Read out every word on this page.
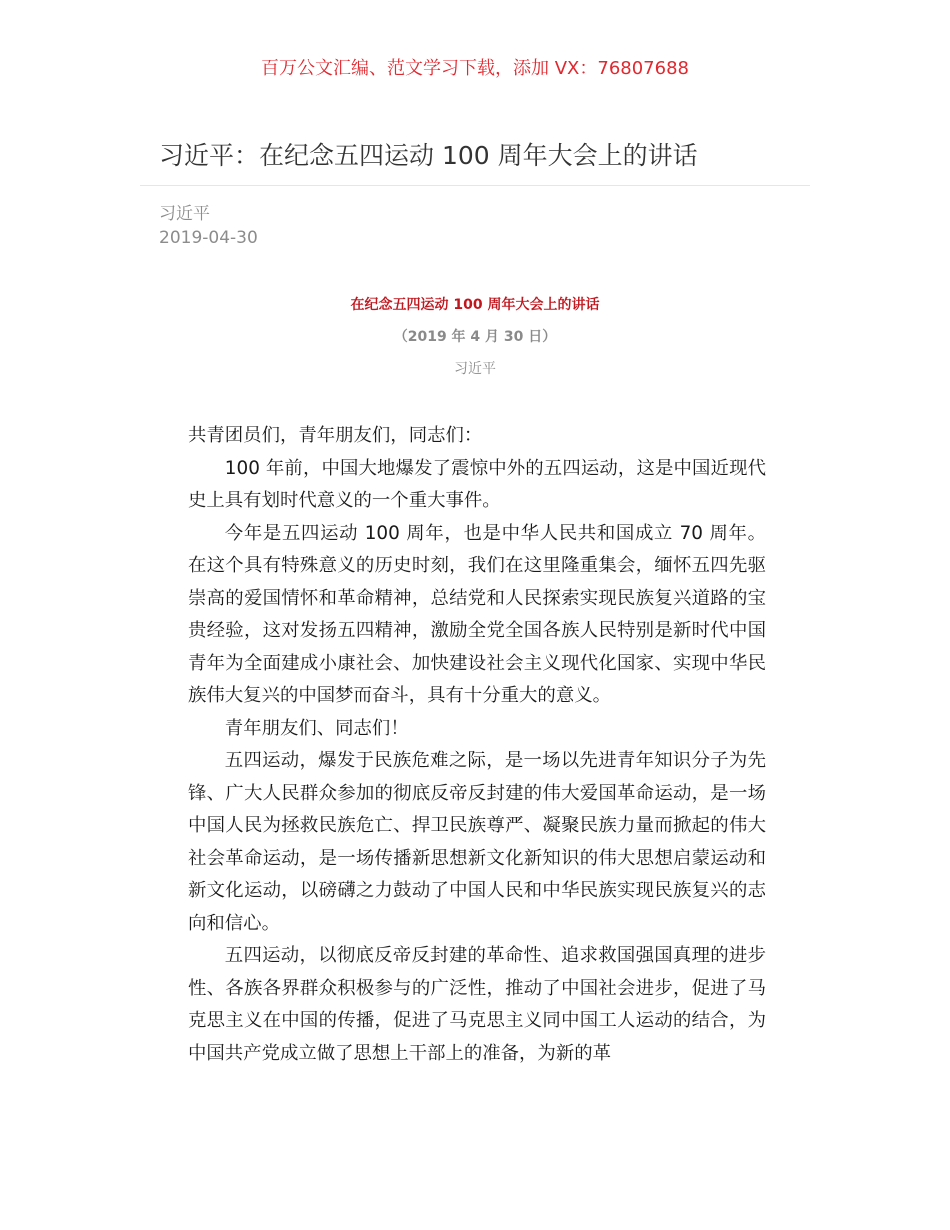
百万公文汇编、范文学习下载，添加 VX：76807688
习近平：在纪念五四运动 100 周年大会上的讲话
习近平
2019-04-30
在纪念五四运动 100 周年大会上的讲话
（2019 年 4 月 30 日）
习近平

共青团员们，青年朋友们，同志们：

100 年前，中国大地爆发了震惊中外的五四运动，这是中国近现代史上具有划时代意义的一个重大事件。

今年是五四运动 100 周年，也是中华人民共和国成立 70 周年。在这个具有特殊意义的历史时刻，我们在这里隆重集会，缅怀五四先驱崇高的爱国情怀和革命精神，总结党和人民探索实现民族复兴道路的宝贵经验，这对发扬五四精神，激励全党全国各族人民特别是新时代中国青年为全面建成小康社会、加快建设社会主义现代化国家、实现中华民族伟大复兴的中国梦而奋斗，具有十分重大的意义。

青年朋友们、同志们！

五四运动，爆发于民族危难之际，是一场以先进青年知识分子为先锋、广大人民群众参加的彻底反帝反封建的伟大爱国革命运动，是一场中国人民为拯救民族危亡、捍卫民族尊严、凝聚民族力量而掀起的伟大社会革命运动，是一场传播新思想新文化新知识的伟大思想启蒙运动和新文化运动，以磅礴之力鼓动了中国人民和中华民族实现民族复兴的志向和信心。

五四运动，以彻底反帝反封建的革命性、追求救国强国真理的进步性、各族各界群众积极参与的广泛性，推动了中国社会进步，促进了马克思主义在中国的传播，促进了马克思主义同中国工人运动的结合，为中国共产党成立做了思想上干部上的准备，为新的革
